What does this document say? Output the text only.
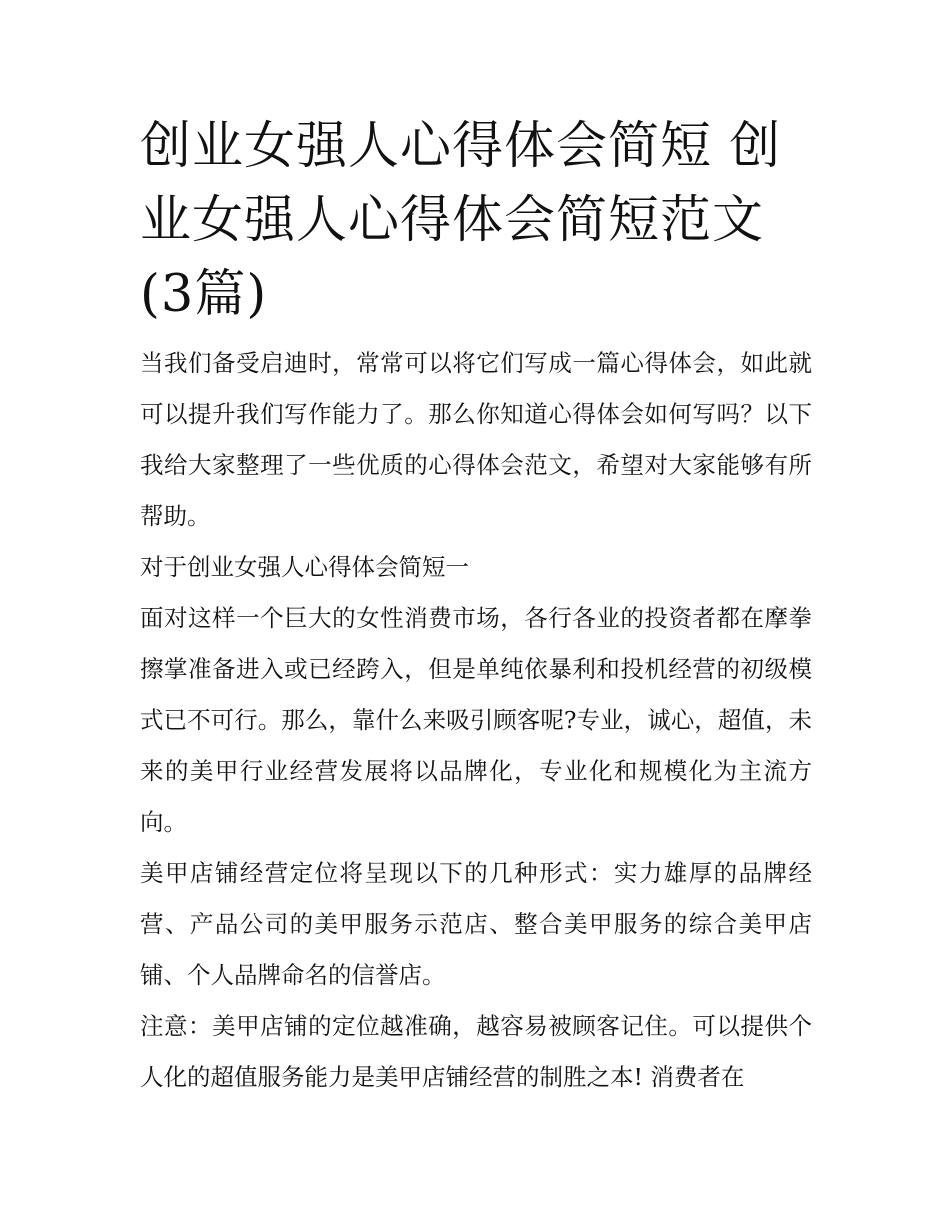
创业女强人心得体会简短 创业女强人心得体会简短范文(3篇)

当我们备受启迪时，常常可以将它们写成一篇心得体会，如此就可以提升我们写作能力了。那么你知道心得体会如何写吗？以下我给大家整理了一些优质的心得体会范文，希望对大家能够有所帮助。

对于创业女强人心得体会简短一

面对这样一个巨大的女性消费市场，各行各业的投资者都在摩拳擦掌准备进入或已经跨入，但是单纯依暴利和投机经营的初级模式已不可行。那么，靠什么来吸引顾客呢?专业，诚心，超值，未来的美甲行业经营发展将以品牌化，专业化和规模化为主流方向。

美甲店铺经营定位将呈现以下的几种形式：实力雄厚的品牌经营、产品公司的美甲服务示范店、整合美甲服务的综合美甲店铺、个人品牌命名的信誉店。

注意：美甲店铺的定位越准确，越容易被顾客记住。可以提供个人化的超值服务能力是美甲店铺经营的制胜之本! 消费者在
